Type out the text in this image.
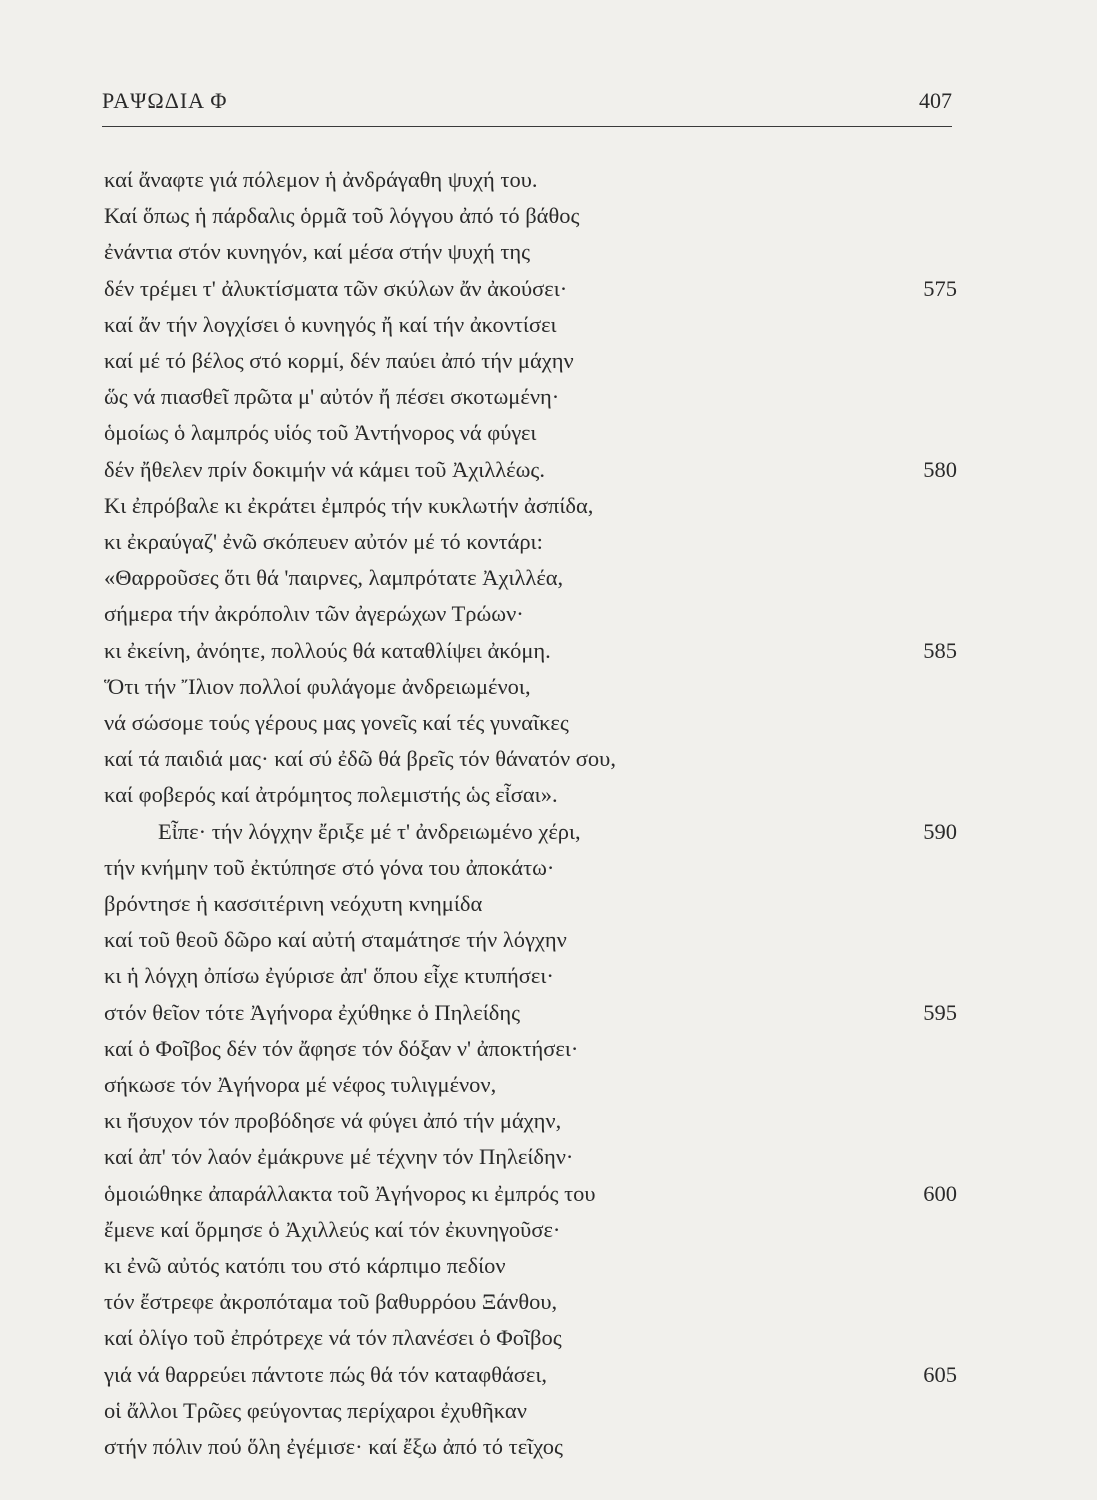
ΡΑΨΩΔΙΑ Φ	407
καί ἄναφτε γιά πόλεμον ἡ ἀνδράγαθη ψυχή του.
Καί ὅπως ἡ πάρδαλις ὁρμᾶ τοῦ λόγγου ἀπό τό βάθος
ἐνάντια στόν κυνηγόν, καί μέσα στήν ψυχή της
δέν τρέμει τ' ἀλυκτίσματα τῶν σκύλων ἄν ἀκούσει·	575
καί ἄν τήν λογχίσει ὁ κυνηγός ἤ καί τήν ἀκοντίσει
καί μέ τό βέλος στό κορμί, δέν παύει ἀπό τήν μάχην
ὥς νά πιασθεῖ πρῶτα μ' αὐτόν ἤ πέσει σκοτωμένη·
ὁμοίως ὁ λαμπρός υἱός τοῦ Ἀντήνορος νά φύγει
δέν ἤθελεν πρίν δοκιμήν νά κάμει τοῦ Ἀχιλλέως.	580
Κι ἐπρόβαλε κι ἐκράτει ἐμπρός τήν κυκλωτήν ἀσπίδα,
κι ἐκραύγαζ' ἐνῶ σκόπευεν αὐτόν μέ τό κοντάρι:
«Θαρροῦσες ὅτι θά 'παιρνες, λαμπρότατε Ἀχιλλέα,
σήμερα τήν ἀκρόπολιν τῶν ἀγερώχων Τρώων·
κι ἐκείνη, ἀνόητε, πολλούς θά καταθλίψει ἀκόμη.	585
Ὅτι τήν Ἴλιον πολλοί φυλάγομε ἀνδρειωμένοι,
νά σώσομε τούς γέρους μας γονεῖς καί τές γυναῖκες
καί τά παιδιά μας· καί σύ ἐδῶ θά βρεῖς τόν θάνατόν σου,
καί φοβερός καί ἀτρόμητος πολεμιστής ὡς εἶσαι».
Εἶπε· τήν λόγχην ἔριξε μέ τ' ἀνδρειωμένο χέρι,	590
τήν κνήμην τοῦ ἐκτύπησε στό γόνα του ἀποκάτω·
βρόντησε ἡ κασσιτέρινη νεόχυτη κνημίδα
καί τοῦ θεοῦ δῶρο καί αὐτή σταμάτησε τήν λόγχην
κι ἡ λόγχη ὀπίσω ἐγύρισε ἀπ' ὅπου εἶχε κτυπήσει·
στόν θεῖον τότε Ἀγήνορα ἐχύθηκε ὁ Πηλείδης	595
καί ὁ Φοῖβος δέν τόν ἄφησε τόν δόξαν ν' ἀποκτήσει·
σήκωσε τόν Ἀγήνορα μέ νέφος τυλιγμένον,
κι ἥσυχον τόν προβόδησε νά φύγει ἀπό τήν μάχην,
καί ἀπ' τόν λαόν ἐμάκρυνε μέ τέχνην τόν Πηλείδην·
ὁμοιώθηκε ἀπαράλλακτα τοῦ Ἀγήνορος κι ἐμπρός του	600
ἔμενε καί ὅρμησε ὁ Ἀχιλλεύς καί τόν ἐκυνηγοῦσε·
κι ἐνῶ αὐτός κατόπι του στό κάρπιμο πεδίον
τόν ἔστρεφε ἀκροπόταμα τοῦ βαθυρρόου Ξάνθου,
καί ὀλίγο τοῦ ἐπρότρεχε νά τόν πλανέσει ὁ Φοῖβος
γιά νά θαρρεύει πάντοτε πώς θά τόν καταφθάσει,	605
οἱ ἄλλοι Τρῶες φεύγοντας περίχαροι ἐχυθῆκαν
στήν πόλιν πού ὅλη ἐγέμισε· καί ἔξω ἀπό τό τεῖχος
